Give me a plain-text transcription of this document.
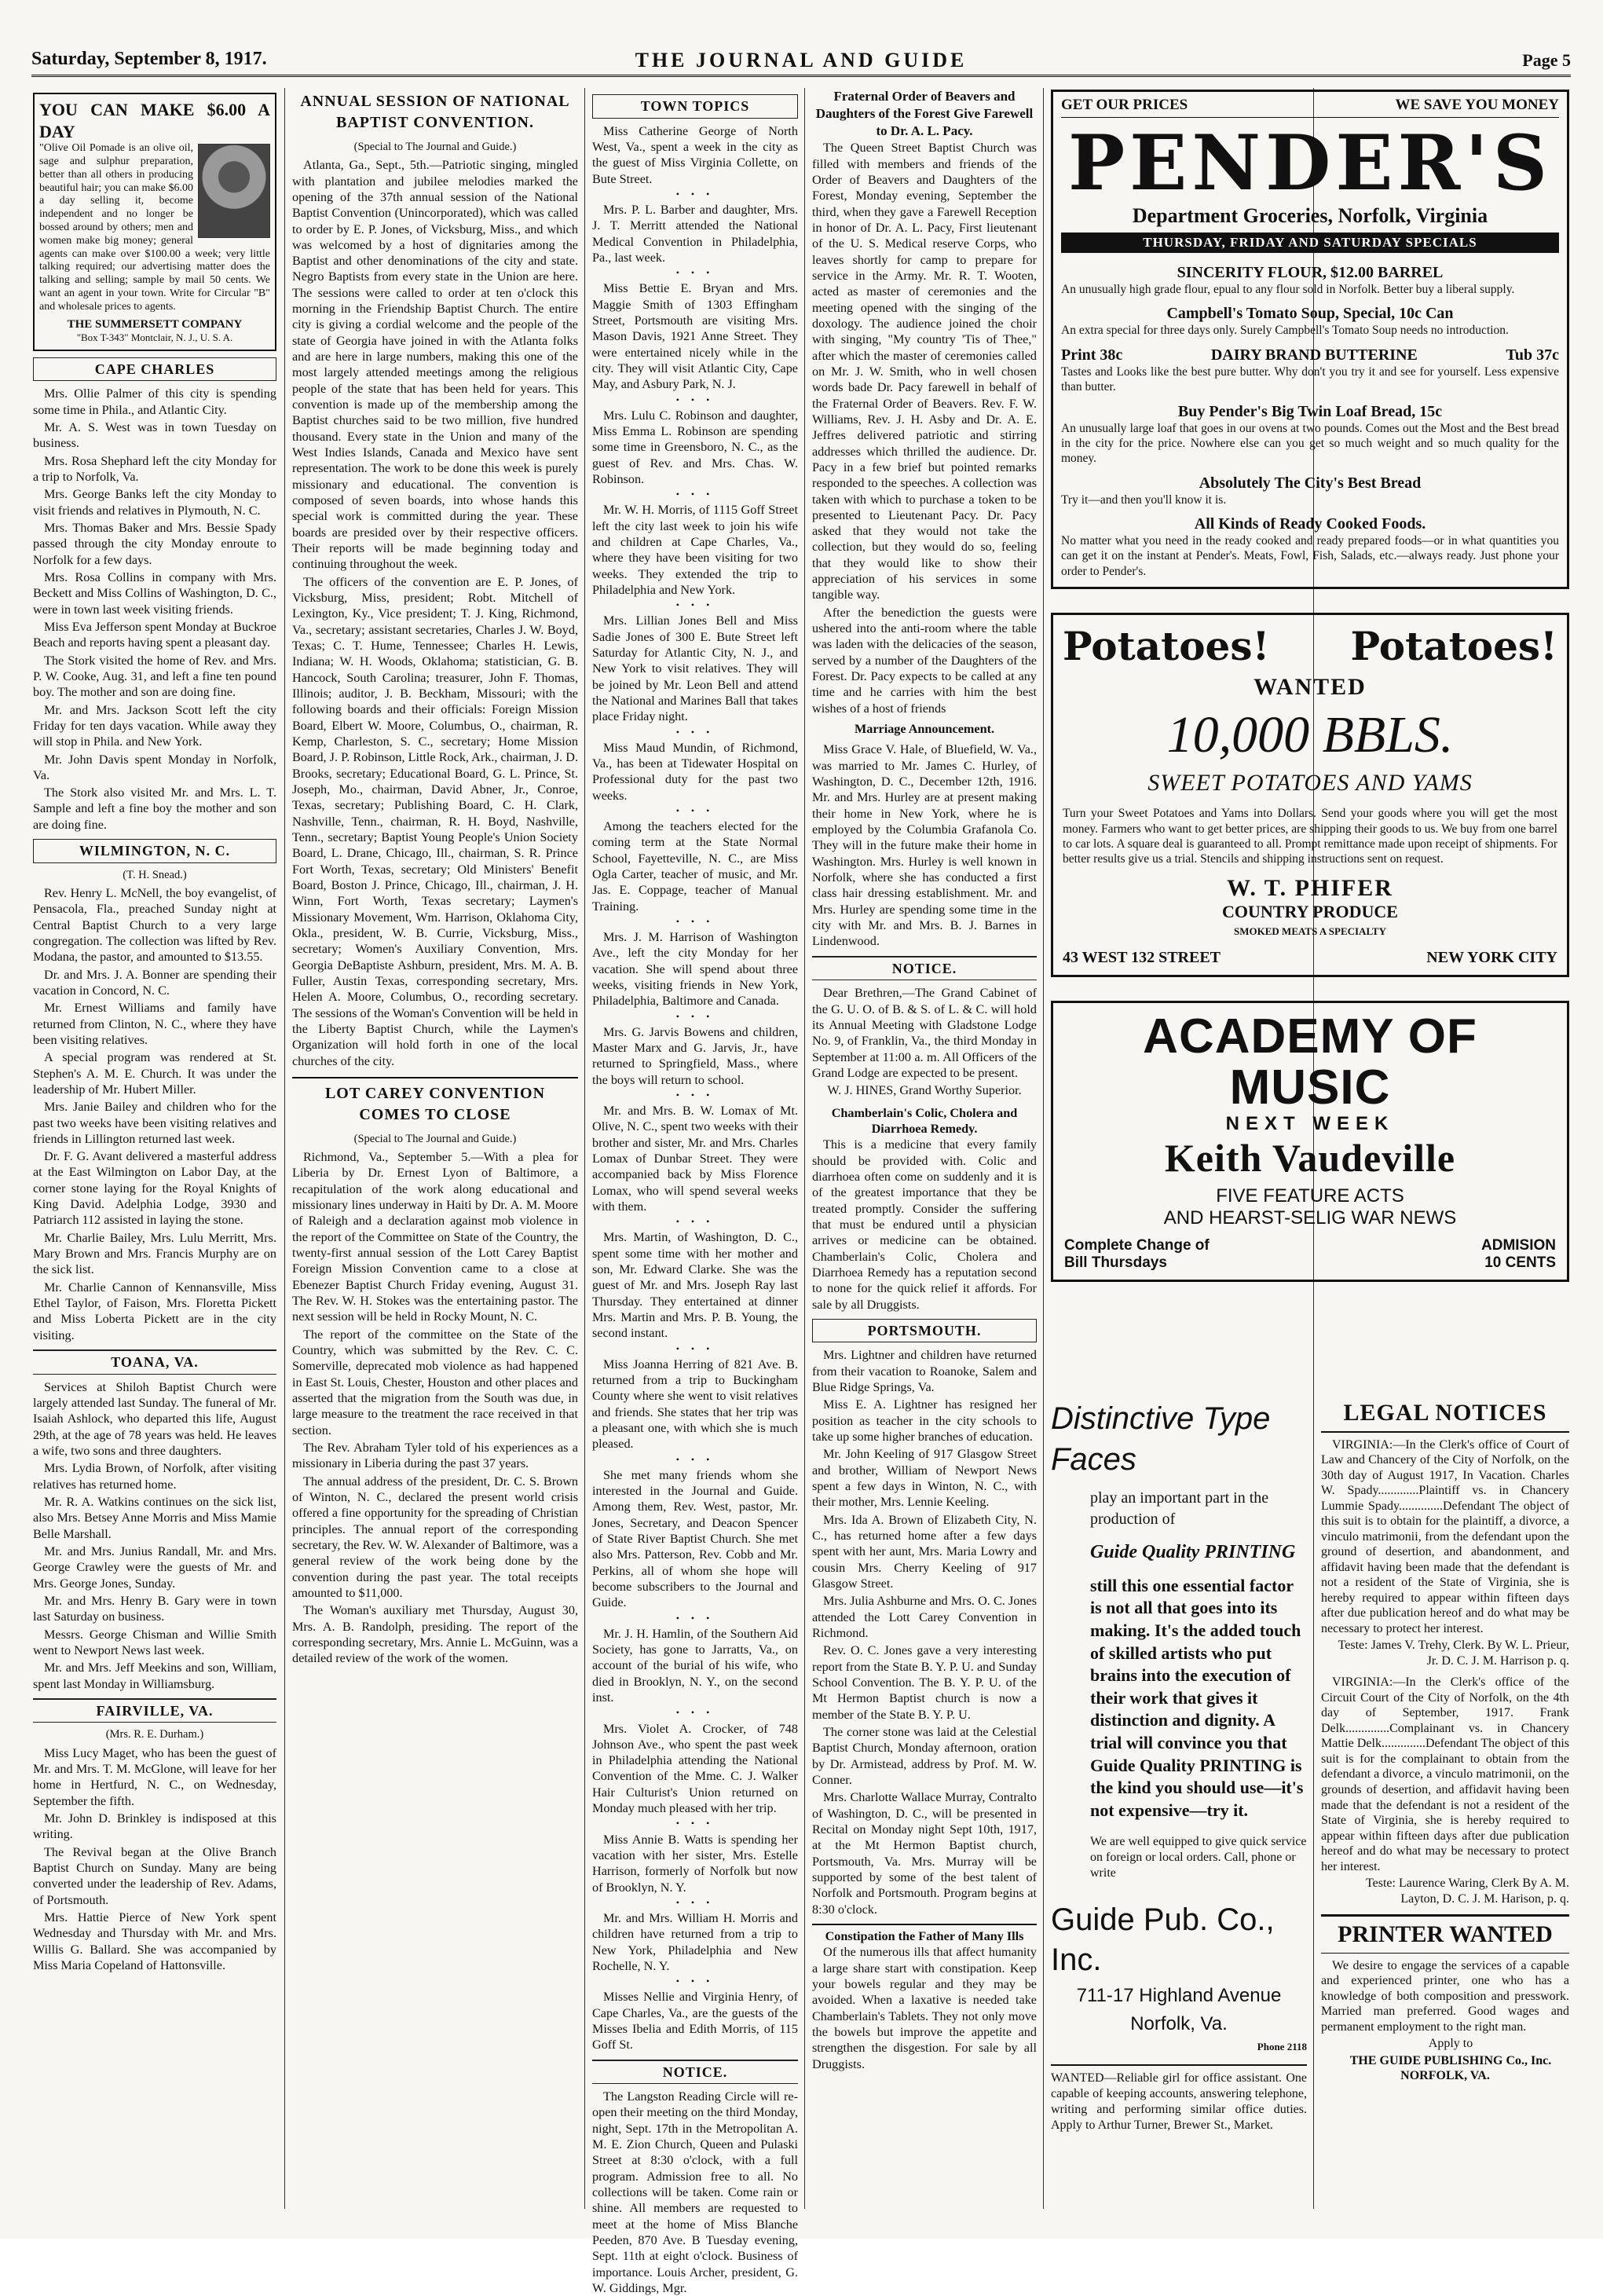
Saturday, September 8, 1917.	THE JOURNAL AND GUIDE	Page 5
YOU CAN MAKE $6.00 A DAY
"Olive Oil Pomade is an olive oil, sage and sulphur preparation, better than all others in producing beautiful hair; you can make $6.00 a day selling it, become independent and no longer be bossed around by others; men and women make big money; general agents can make over $100.00 a week; very little talking required; our advertising matter does the talking and selling; sample by mail 50 cents. We want an agent in your town. Write for Circular "B" and wholesale prices to agents.
THE SUMMERSETT COMPANY
"Box T-343" Montclair, N. J., U. S. A.
CAPE CHARLES

Mrs. Ollie Palmer of this city is spending some time in Phila., and Atlantic City.

Mr. A. S. West was in town Tuesday on business.

Mrs. Rosa Shephard left the city Monday for a trip to Norfolk, Va.

Mrs. George Banks left the city Monday to visit friends and relatives in Plymouth, N. C.

Mrs. Thomas Baker and Mrs. Bessie Spady passed through the city Monday enroute to Norfolk for a few days.

Mrs. Rosa Collins in company with Mrs. Beckett and Miss Collins of Washington, D. C., were in town last week visiting friends.

Miss Eva Jefferson spent Monday at Buckroe Beach and reports having spent a pleasant day.

The Stork visited the home of Rev. and Mrs. P. W. Cooke, Aug. 31, and left a fine ten pound boy. The mother and son are doing fine.

Mr. and Mrs. Jackson Scott left the city Friday for ten days vacation. While away they will stop in Phila. and New York.

Mr. John Davis spent Monday in Norfolk, Va.

The Stork also visited Mr. and Mrs. L. T. Sample and left a fine boy the mother and son are doing fine.

WILMINGTON, N. C.
(T. H. Snead.)

Rev. Henry L. McNell, the boy evangelist, of Pensacola, Fla., preached Sunday night at Central Baptist Church to a very large congregation. The collection was lifted by Rev. Modana, the pastor, and amounted to $13.55.

Dr. and Mrs. J. A. Bonner are spending their vacation in Concord, N. C.

Mr. Ernest Williams and family have returned from Clinton, N. C., where they have been visiting relatives.

A special program was rendered at St. Stephen's A. M. E. Church. It was under the leadership of Mr. Hubert Miller.

Mrs. Janie Bailey and children who for the past two weeks have been visiting relatives and friends in Lillington returned last week.

Dr. F. G. Avant delivered a masterful address at the East Wilmington on Labor Day, at the corner stone laying for the Royal Knights of King David. Adelphia Lodge, 3930 and Patriarch 112 assisted in laying the stone.

Mr. Charlie Bailey, Mrs. Lulu Merritt, Mrs. Mary Brown and Mrs. Francis Murphy are on the sick list.

Mr. Charlie Cannon of Kennansville, Miss Ethel Taylor, of Faison, Mrs. Floretta Pickett and Miss Loberta Pickett are in the city visiting.

TOANA, VA.

Services at Shiloh Baptist Church were largely attended last Sunday. The funeral of Mr. Isaiah Ashlock, who departed this life, August 29th, at the age of 78 years was held. He leaves a wife, two sons and three daughters.

Mrs. Lydia Brown, of Norfolk, after visiting relatives has returned home.

Mr. R. A. Watkins continues on the sick list, also Mrs. Betsey Anne Morris and Miss Mamie Belle Marshall.

Mr. and Mrs. Junius Randall, Mr. and Mrs. George Crawley were the guests of Mr. and Mrs. George Jones, Sunday.

Mr. and Mrs. Henry B. Gary were in town last Saturday on business.

Messrs. George Chisman and Willie Smith went to Newport News last week.

Mr. and Mrs. Jeff Meekins and son, William, spent last Monday in Williamsburg.

FAIRVILLE, VA.
(Mrs. R. E. Durham.)

Miss Lucy Maget, who has been the guest of Mr. and Mrs. T. M. McGlone, will leave for her home in Hertfurd, N. C., on Wednesday, September the fifth.

Mr. John D. Brinkley is indisposed at this writing.

The Revival began at the Olive Branch Baptist Church on Sunday. Many are being converted under the leadership of Rev. Adams, of Portsmouth.

Mrs. Hattie Pierce of New York spent Wednesday and Thursday with Mr. and Mrs. Willis G. Ballard. She was accompanied by Miss Maria Copeland of Hattonsville.

ANNUAL SESSION OF NATIONAL BAPTIST CONVENTION.
(Special to The Journal and Guide.)

Atlanta, Ga., Sept., 5th.—Patriotic singing, mingled with plantation and jubilee melodies marked the opening of the 37th annual session of the National Baptist Convention (Unincorporated), which was called to order by E. P. Jones, of Vicksburg, Miss., and which was welcomed by a host of dignitaries among the Baptist and other denominations of the city and state. Negro Baptists from every state in the Union are here. The sessions were called to order at ten o'clock this morning in the Friendship Baptist Church. The entire city is giving a cordial welcome and the people of the state of Georgia have joined in with the Atlanta folks and are here in large numbers, making this one of the most largely attended meetings among the religious people of the state that has been held for years. This convention is made up of the membership among the Baptist churches said to be two million, five hundred thousand. Every state in the Union and many of the West Indies Islands, Canada and Mexico have sent representation. The work to be done this week is purely missionary and educational. The convention is composed of seven boards, into whose hands this special work is committed during the year. These boards are presided over by their respective officers. Their reports will be made beginning today and continuing throughout the week.

The officers of the convention are E. P. Jones, of Vicksburg, Miss, president; Robt. Mitchell of Lexington, Ky., Vice president; T. J. King, Richmond, Va., secretary; assistant secretaries, Charles J. W. Boyd, Texas; C. T. Hume, Tennessee; Charles H. Lewis, Indiana; W. H. Woods, Oklahoma; statistician, G. B. Hancock, South Carolina; treasurer, John F. Thomas, Illinois; auditor, J. B. Beckham, Missouri; with the following boards and their officials: Foreign Mission Board, Elbert W. Moore, Columbus, O., chairman, R. Kemp, Charleston, S. C., secretary; Home Mission Board, J. P. Robinson, Little Rock, Ark., chairman, J. D. Brooks, secretary; Educational Board, G. L. Prince, St. Joseph, Mo., chairman, David Abner, Jr., Conroe, Texas, secretary; Publishing Board, C. H. Clark, Nashville, Tenn., chairman, R. H. Boyd, Nashville, Tenn., secretary; Baptist Young People's Union Society Board, L. Drane, Chicago, Ill., chairman, S. R. Prince Fort Worth, Texas, secretary; Old Ministers' Benefit Board, Boston J. Prince, Chicago, Ill., chairman, J. H. Winn, Fort Worth, Texas secretary; Laymen's Missionary Movement, Wm. Harrison, Oklahoma City, Okla., president, W. B. Currie, Vicksburg, Miss., secretary; Women's Auxiliary Convention, Mrs. Georgia DeBaptiste Ashburn, president, Mrs. M. A. B. Fuller, Austin Texas, corresponding secretary, Mrs. Helen A. Moore, Columbus, O., recording secretary. The sessions of the Woman's Convention will be held in the Liberty Baptist Church, while the Laymen's Organization will hold forth in one of the local churches of the city.

LOT CAREY CONVENTION COMES TO CLOSE
(Special to The Journal and Guide.)

Richmond, Va., September 5.—With a plea for Liberia by Dr. Ernest Lyon of Baltimore, a recapitulation of the work along educational and missionary lines underway in Haiti by Dr. A. M. Moore of Raleigh and a declaration against mob violence in the report of the Committee on State of the Country, the twenty-first annual session of the Lott Carey Baptist Foreign Mission Convention came to a close at Ebenezer Baptist Church Friday evening, August 31. The Rev. W. H. Stokes was the entertaining pastor. The next session will be held in Rocky Mount, N. C.

The report of the committee on the State of the Country, which was submitted by the Rev. C. C. Somerville, deprecated mob violence as had happened in East St. Louis, Chester, Houston and other places and asserted that the migration from the South was due, in large measure to the treatment the race received in that section.

The Rev. Abraham Tyler told of his experiences as a missionary in Liberia during the past 37 years.

The annual address of the president, Dr. C. S. Brown of Winton, N. C., declared the present world crisis offered a fine opportunity for the spreading of Christian principles. The annual report of the corresponding secretary, the Rev. W. W. Alexander of Baltimore, was a general review of the work being done by the convention during the past year. The total receipts amounted to $11,000.

The Woman's auxiliary met Thursday, August 30, Mrs. A. B. Randolph, presiding. The report of the corresponding secretary, Mrs. Annie L. McGuinn, was a detailed review of the work of the women.

TOWN TOPICS

Miss Catherine George of North West, Va., spent a week in the city as the guest of Miss Virginia Collette, on Bute Street.

• • •

Mrs. P. L. Barber and daughter, Mrs. J. T. Merritt attended the National Medical Convention in Philadelphia, Pa., last week.

• • •

Miss Bettie E. Bryan and Mrs. Maggie Smith of 1303 Effingham Street, Portsmouth are visiting Mrs. Mason Davis, 1921 Anne Street. They were entertained nicely while in the city. They will visit Atlantic City, Cape May, and Asbury Park, N. J.

• • •

Mrs. Lulu C. Robinson and daughter, Miss Emma L. Robinson are spending some time in Greensboro, N. C., as the guest of Rev. and Mrs. Chas. W. Robinson.

• • •

Mr. W. H. Morris, of 1115 Goff Street left the city last week to join his wife and children at Cape Charles, Va., where they have been visiting for two weeks. They extended the trip to Philadelphia and New York.

• • •

Mrs. Lillian Jones Bell and Miss Sadie Jones of 300 E. Bute Street left Saturday for Atlantic City, N. J., and New York to visit relatives. They will be joined by Mr. Leon Bell and attend the National and Marines Ball that takes place Friday night.

• • •

Miss Maud Mundin, of Richmond, Va., has been at Tidewater Hospital on Professional duty for the past two weeks.

• • •

Among the teachers elected for the coming term at the State Normal School, Fayetteville, N. C., are Miss Ogla Carter, teacher of music, and Mr. Jas. E. Coppage, teacher of Manual Training.

• • •

Mrs. J. M. Harrison of Washington Ave., left the city Monday for her vacation. She will spend about three weeks, visiting friends in New York, Philadelphia, Baltimore and Canada.

• • •

Mrs. G. Jarvis Bowens and children, Master Marx and G. Jarvis, Jr., have returned to Springfield, Mass., where the boys will return to school.

• • •

Mr. and Mrs. B. W. Lomax of Mt. Olive, N. C., spent two weeks with their brother and sister, Mr. and Mrs. Charles Lomax of Dunbar Street. They were accompanied back by Miss Florence Lomax, who will spend several weeks with them.

• • •

Mrs. Martin, of Washington, D. C., spent some time with her mother and son, Mr. Edward Clarke. She was the guest of Mr. and Mrs. Joseph Ray last Thursday. They entertained at dinner Mrs. Martin and Mrs. P. B. Young, the second instant.

• • •

Miss Joanna Herring of 821 Ave. B. returned from a trip to Buckingham County where she went to visit relatives and friends. She states that her trip was a pleasant one, with which she is much pleased.

• • •

She met many friends whom she interested in the Journal and Guide. Among them, Rev. West, pastor, Mr. Jones, Secretary, and Deacon Spencer of State River Baptist Church. She met also Mrs. Patterson, Rev. Cobb and Mr. Perkins, all of whom she hope will become subscribers to the Journal and Guide.

• • •

Mr. J. H. Hamlin, of the Southern Aid Society, has gone to Jarratts, Va., on account of the burial of his wife, who died in Brooklyn, N. Y., on the second inst.

• • •

Mrs. Violet A. Crocker, of 748 Johnson Ave., who spent the past week in Philadelphia attending the National Convention of the Mme. C. J. Walker Hair Culturist's Union returned on Monday much pleased with her trip.

• • •

Miss Annie B. Watts is spending her vacation with her sister, Mrs. Estelle Harrison, formerly of Norfolk but now of Brooklyn, N. Y.

• • •

Mr. and Mrs. William H. Morris and children have returned from a trip to New York, Philadelphia and New Rochelle, N. Y.

• • •

Misses Nellie and Virginia Henry, of Cape Charles, Va., are the guests of the Misses Ibelia and Edith Morris, of 115 Goff St.

NOTICE.

The Langston Reading Circle will re-open their meeting on the third Monday, night, Sept. 17th in the Metropolitan A. M. E. Zion Church, Queen and Pulaski Street at 8:30 o'clock, with a full program. Admission free to all. No collections will be taken. Come rain or shine. All members are requested to meet at the home of Miss Blanche Peeden, 870 Ave. B Tuesday evening, Sept. 11th at eight o'clock. Business of importance. Louis Archer, president, G. W. Giddings, Mgr.

Fraternal Order of Beavers and Daughters of the Forest Give Farewell to Dr. A. L. Pacy.

The Queen Street Baptist Church was filled with members and friends of the Order of Beavers and Daughters of the Forest, Monday evening, September the third, when they gave a Farewell Reception in honor of Dr. A. L. Pacy, First lieutenant of the U. S. Medical reserve Corps, who leaves shortly for camp to prepare for service in the Army. Mr. R. T. Wooten, acted as master of ceremonies and the meeting opened with the singing of the doxology. The audience joined the choir with singing, "My country 'Tis of Thee," after which the master of ceremonies called on Mr. J. W. Smith, who in well chosen words bade Dr. Pacy farewell in behalf of the Fraternal Order of Beavers. Rev. F. W. Williams, Rev. J. H. Asby and Dr. A. E. Jeffres delivered patriotic and stirring addresses which thrilled the audience. Dr. Pacy in a few brief but pointed remarks responded to the speeches. A collection was taken with which to purchase a token to be presented to Lieutenant Pacy. Dr. Pacy asked that they would not take the collection, but they would do so, feeling that they would like to show their appreciation of his services in some tangible way.

After the benediction the guests were ushered into the anti-room where the table was laden with the delicacies of the season, served by a number of the Daughters of the Forest. Dr. Pacy expects to be called at any time and he carries with him the best wishes of a host of friends

Marriage Announcement.

Miss Grace V. Hale, of Bluefield, W. Va., was married to Mr. James C. Hurley, of Washington, D. C., December 12th, 1916. Mr. and Mrs. Hurley are at present making their home in New York, where he is employed by the Columbia Grafanola Co. They will in the future make their home in Washington. Mrs. Hurley is well known in Norfolk, where she has conducted a first class hair dressing establishment. Mr. and Mrs. Hurley are spending some time in the city with Mr. and Mrs. B. J. Barnes in Lindenwood.

NOTICE.

Dear Brethren,—The Grand Cabinet of the G. U. O. of B. & S. of L. & C. will hold its Annual Meeting with Gladstone Lodge No. 9, of Franklin, Va., the third Monday in September at 11:00 a. m. All Officers of the Grand Lodge are expected to be present.

W. J. HINES, Grand Worthy Superior.
Chamberlain's Colic, Cholera and Diarrhoea Remedy.

This is a medicine that every family should be provided with. Colic and diarrhoea often come on suddenly and it is of the greatest importance that they be treated promptly. Consider the suffering that must be endured until a physician arrives or medicine can be obtained. Chamberlain's Colic, Cholera and Diarrhoea Remedy has a reputation second to none for the quick relief it affords. For sale by all Druggists.

PORTSMOUTH.

Mrs. Lightner and children have returned from their vacation to Roanoke, Salem and Blue Ridge Springs, Va.

Miss E. A. Lightner has resigned her position as teacher in the city schools to take up some higher branches of education.

Mr. John Keeling of 917 Glasgow Street and brother, William of Newport News spent a few days in Winton, N. C., with their mother, Mrs. Lennie Keeling.

Mrs. Ida A. Brown of Elizabeth City, N. C., has returned home after a few days spent with her aunt, Mrs. Maria Lowry and cousin Mrs. Cherry Keeling of 917 Glasgow Street.

Mrs. Julia Ashburne and Mrs. O. C. Jones attended the Lott Carey Convention in Richmond.

Rev. O. C. Jones gave a very interesting report from the State B. Y. P. U. and Sunday School Convention. The B. Y. P. U. of the Mt Hermon Baptist church is now a member of the State B. Y. P. U.

The corner stone was laid at the Celestial Baptist Church, Monday afternoon, oration by Dr. Armistead, address by Prof. M. W. Conner.

Mrs. Charlotte Wallace Murray, Contralto of Washington, D. C., will be presented in Recital on Monday night Sept 10th, 1917, at the Mt Hermon Baptist church, Portsmouth, Va. Mrs. Murray will be supported by some of the best talent of Norfolk and Portsmouth. Program begins at 8:30 o'clock.

Constipation the Father of Many Ills

Of the numerous ills that affect humanity a large share start with constipation. Keep your bowels regular and they may be avoided. When a laxative is needed take Chamberlain's Tablets. They not only move the bowels but improve the appetite and strengthen the disgestion. For sale by all Druggists.

GET OUR PRICES	WE SAVE YOU MONEY
PENDER'S
Department Groceries, Norfolk, Virginia
THURSDAY, FRIDAY AND SATURDAY SPECIALS
SINCERITY FLOUR, $12.00 BARREL
An unusually high grade flour, epual to any flour sold in Norfolk. Better buy a liberal supply.
Campbell's Tomato Soup, Special, 10c Can
An extra special for three days only. Surely Campbell's Tomato Soup needs no introduction.
Print 38c	DAIRY BRAND BUTTERINE	Tub 37c
Tastes and Looks like the best pure butter. Why don't you try it and see for yourself. Less expensive than butter.
Buy Pender's Big Twin Loaf Bread, 15c
An unusually large loaf that goes in our ovens at two pounds. Comes out the Most and the Best bread in the city for the price. Nowhere else can you get so much weight and so much quality for the money.
Absolutely The City's Best Bread
Try it—and then you'll know it is.
All Kinds of Ready Cooked Foods.
No matter what you need in the ready cooked and ready prepared foods—or in what quantities you can get it on the instant at Pender's. Meats, Fowl, Fish, Salads, etc.—always ready. Just phone your order to Pender's.
Potatoes! Potatoes!
WANTED
10,000 BBLS.
SWEET POTATOES AND YAMS
Turn your Sweet Potatoes and Yams into Dollars. Send your goods where you will get the most money. Farmers who want to get better prices, are shipping their goods to us. We buy from one barrel to car lots. A square deal is guaranteed to all. Prompt remittance made upon receipt of shipments. For better results give us a trial. Stencils and shipping instructions sent on request.
W. T. PHIFER
COUNTRY PRODUCE
SMOKED MEATS A SPECIALTY
43 WEST 132 STREET	NEW YORK CITY
ACADEMY OF MUSIC
NEXT WEEK
Keith Vaudeville
FIVE FEATURE ACTS
AND HEARST-SELIG WAR NEWS
Complete Change of
Bill Thursdays
ADMISION
10 CENTS
Distinctive Type
Faces
play an important part in the production of
Guide Quality PRINTING
still this one essential factor is not all that goes into its making. It's the added touch of skilled artists who put brains into the execution of their work that gives it distinction and dignity. A trial will convince you that Guide Quality PRINTING is the kind you should use—it's not expensive—try it.
We are well equipped to give quick service on foreign or local orders. Call, phone or write
Guide Pub. Co., Inc.
711-17 Highland Avenue
Norfolk, Va.
Phone 2118
WANTED—Reliable girl for office assistant. One capable of keeping accounts, answering telephone, writing and performing similar office duties. Apply to Arthur Turner, Brewer St., Market.
LEGAL NOTICES

VIRGINIA:—In the Clerk's office of Court of Law and Chancery of the City of Norfolk, on the 30th day of August 1917, In Vacation. Charles W. Spady.............Plaintiff vs. in Chancery Lummie Spady..............Defendant The object of this suit is to obtain for the plaintiff, a divorce, a vinculo matrimonii, from the defendant upon the ground of desertion, and abandonment, and affidavit having been made that the defendant is not a resident of the State of Virginia, she is hereby required to appear within fifteen days after due publication hereof and do what may be necessary to protect her interest.

Teste: James V. Trehy, Clerk. By W. L. Prieur, Jr. D. C. J. M. Harrison p. q.

VIRGINIA:—In the Clerk's office of the Circuit Court of the City of Norfolk, on the 4th day of September, 1917. Frank Delk..............Complainant vs. in Chancery Mattie Delk..............Defendant The object of this suit is for the complainant to obtain from the defendant a divorce, a vinculo matrimonii, on the grounds of desertion, and affidavit having been made that the defendant is not a resident of the State of Virginia, she is hereby required to appear within fifteen days after due publication hereof and do what may be necessary to protect her interest.

Teste: Laurence Waring, Clerk By A. M. Layton, D. C. J. M. Harison, p. q.

PRINTER WANTED

We desire to engage the services of a capable and experienced printer, one who has a knowledge of both composition and presswork. Married man preferred. Good wages and permanent employment to the right man.

Apply to

THE GUIDE PUBLISHING Co., Inc. NORFOLK, VA.
